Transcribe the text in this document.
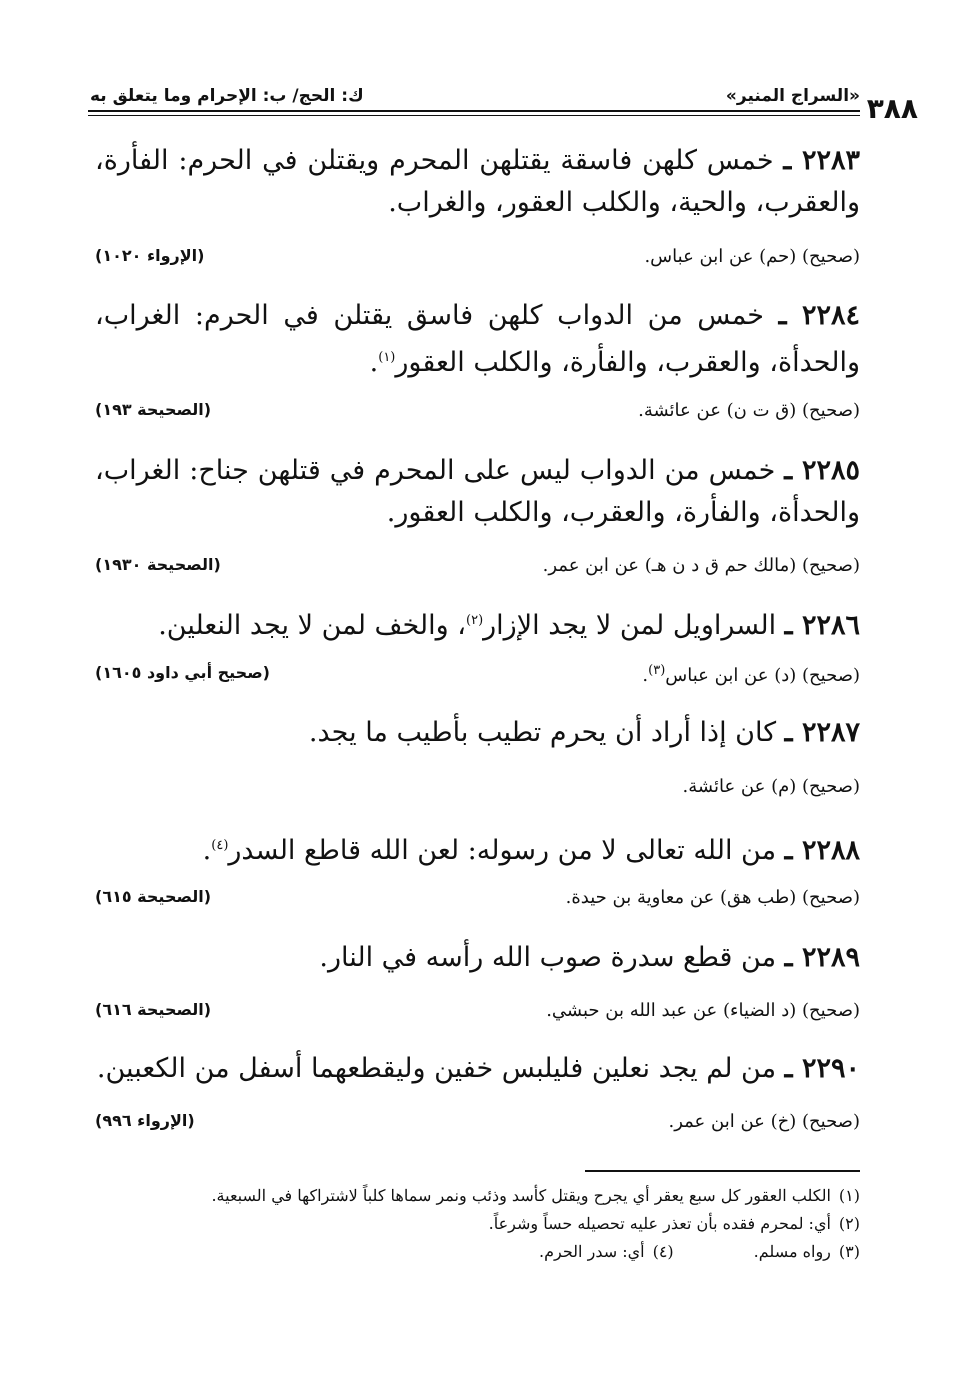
«السراج المنير»
ك: الحج/ ب: الإحرام وما يتعلق به	٣٨٨
٢٢٨٣ ـ خمس كلهن فاسقة يقتلهن المحرم ويقتلن في الحرم: الفأرة، والعقرب، والحية، والكلب العقور، والغراب.
(صحيح) (حم) عن ابن عباس.
(الإرواء ١٠٢٠)
٢٢٨٤ ـ خمس من الدواب كلهن فاسق يقتلن في الحرم: الغراب، والحدأة، والعقرب، والفأرة، والكلب العقور$^{(١)}$.
(صحيح) (ق ت ن) عن عائشة.
(الصحيحة ١٩٣)
٢٢٨٥ ـ خمس من الدواب ليس على المحرم في قتلهن جناح: الغراب، والحدأة، والفأرة، والعقرب، والكلب العقور.
(صحيح) (مالك حم ق د ن هـ) عن ابن عمر.
(الصحيحة ١٩٣٠)
٢٢٨٦ ـ السراويل لمن لا يجد الإزار$^{(٢)}$، والخف لمن لا يجد النعلين.
(صحيح) (د) عن ابن عباس$^{(٣)}$.
(صحيح أبي داود ١٦٠٥)
٢٢٨٧ ـ كان إذا أراد أن يحرم تطيب بأطيب ما يجد.
(صحيح) (م) عن عائشة.
٢٢٨٨ ـ من الله تعالى لا من رسوله: لعن الله قاطع السدر$^{(٤)}$.
(صحيح) (طب هق) عن معاوية بن حيدة.
(الصحيحة ٦١٥)
٢٢٨٩ ـ من قطع سدرة صوب الله رأسه في النار.
(صحيح) (د الضياء) عن عبد الله بن حبشي.
(الصحيحة ٦١٦)
٢٢٩٠ ـ من لم يجد نعلين فليلبس خفين وليقطعهما أسفل من الكعبين.
(صحيح) (خ) عن ابن عمر.
(الإرواء ٩٩٦)
(١)
الكلب العقور كل سبع يعقر أي يجرح ويقتل كأسد وذئب ونمر سماها كلباً لاشتراكها في السبعية.
(٢)
أي: لمحرم فقده بأن تعذر عليه تحصيله حساً وشرعاً.
(٣)
رواه مسلم.
(٤)
أي: سدر الحرم.
